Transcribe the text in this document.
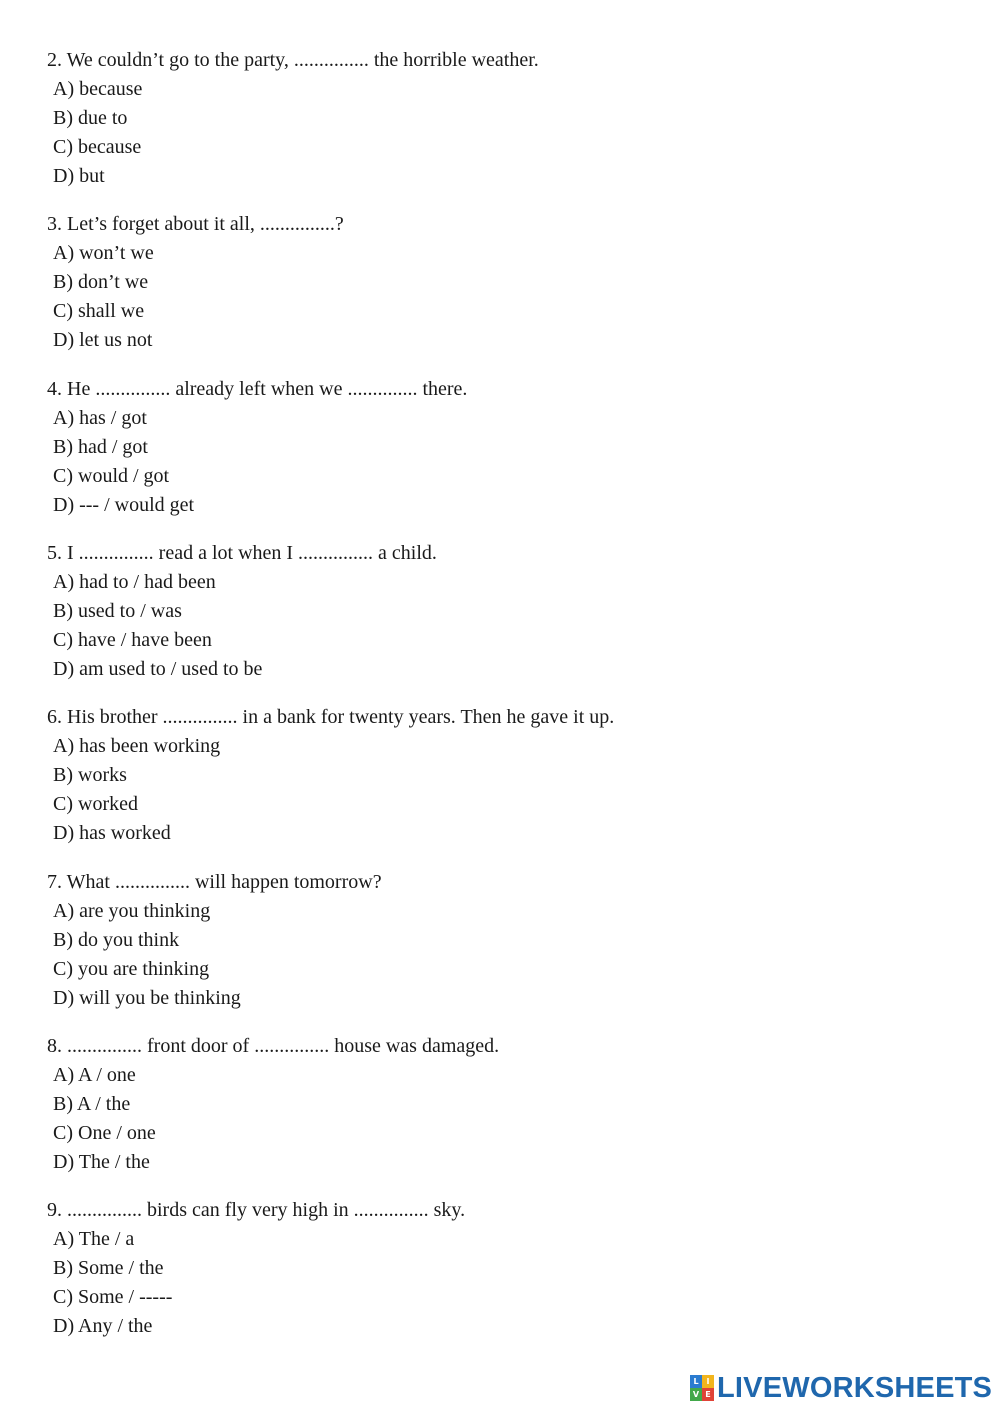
2. We couldn’t go to the party, ............... the horrible weather.
A) because
B) due to
C) because
D) but
3. Let’s forget about it all, ...............?
A) won’t we
B) don’t we
C) shall we
D) let us not
4. He ............... already left when we .............. there.
A) has / got
B) had / got
C) would / got
D) --- / would get
5. I ............... read a lot when I ............... a child.
A) had to / had been
B) used to / was
C) have / have been
D) am used to / used to be
6. His brother ............... in a bank for twenty years. Then he gave it up.
A) has been working
B) works
C) worked
D) has worked
7. What ............... will happen tomorrow?
A) are you thinking
B) do you think
C) you are thinking
D) will you be thinking
8. ............... front door of ............... house was damaged.
A) A / one
B) A / the
C) One / one
D) The / the
9. ............... birds can fly very high in ............... sky.
A) The / a
B) Some / the
C) Some / -----
D) Any / the
L I
V E LIVEWORKSHEETS
